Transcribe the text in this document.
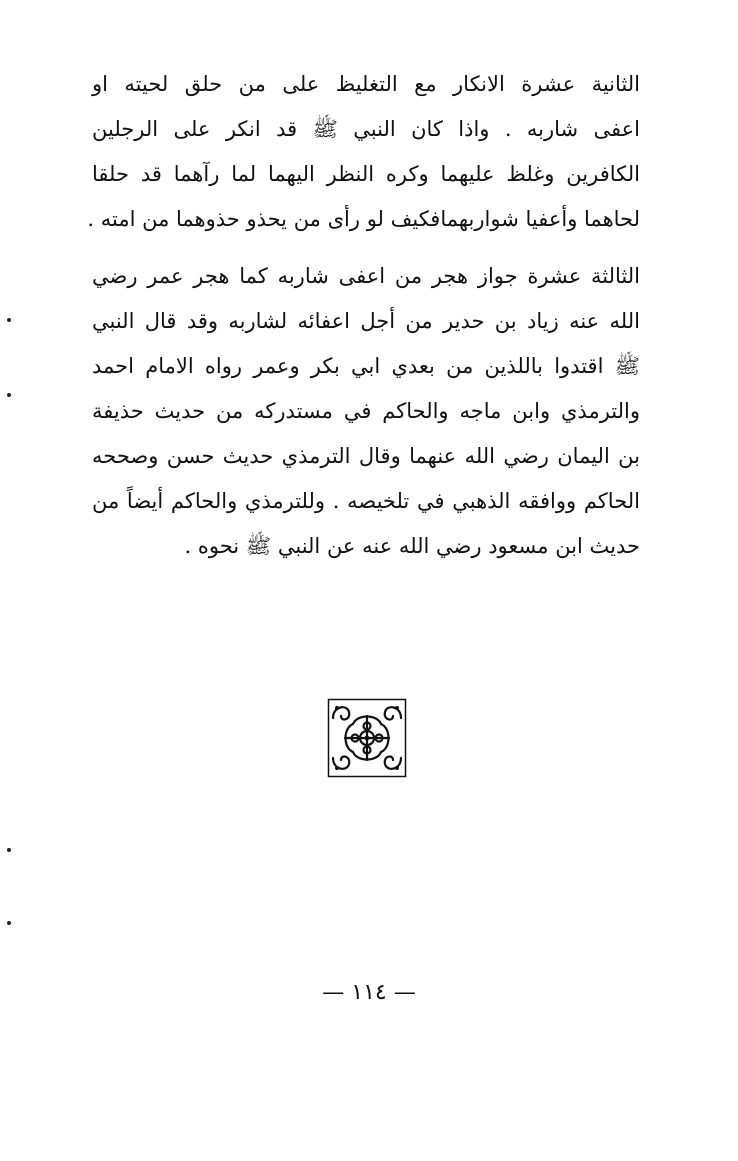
الثانية عشرة الانكار مع التغليظ على من حلق لحيته او
اعفى شاربه . واذا كان النبي ﷺ قد انكر على الرجلين
الكافرين وغلظ عليهما وكره النظر اليهما لما رآهما قد حلقا
لحاهما وأعفيا شواربهمافكيف لو رأى من يحذو حذوهما من امته .

الثالثة عشرة جواز هجر من اعفى شاربه كما هجر عمر رضي
الله عنه زياد بن حدير من أجل اعفائه لشاربه وقد قال النبي
ﷺ اقتدوا باللذين من بعدي ابي بكر وعمر رواه الامام احمد
والترمذي وابن ماجه والحاكم في مستدركه من حديث حذيفة
بن اليمان رضي الله عنهما وقال الترمذي حديث حسن وصححه
الحاكم ووافقه الذهبي في تلخيصه . وللترمذي والحاكم أيضاً من
حديث ابن مسعود رضي الله عنه عن النبي ﷺ نحوه .

— ١١٤ —
